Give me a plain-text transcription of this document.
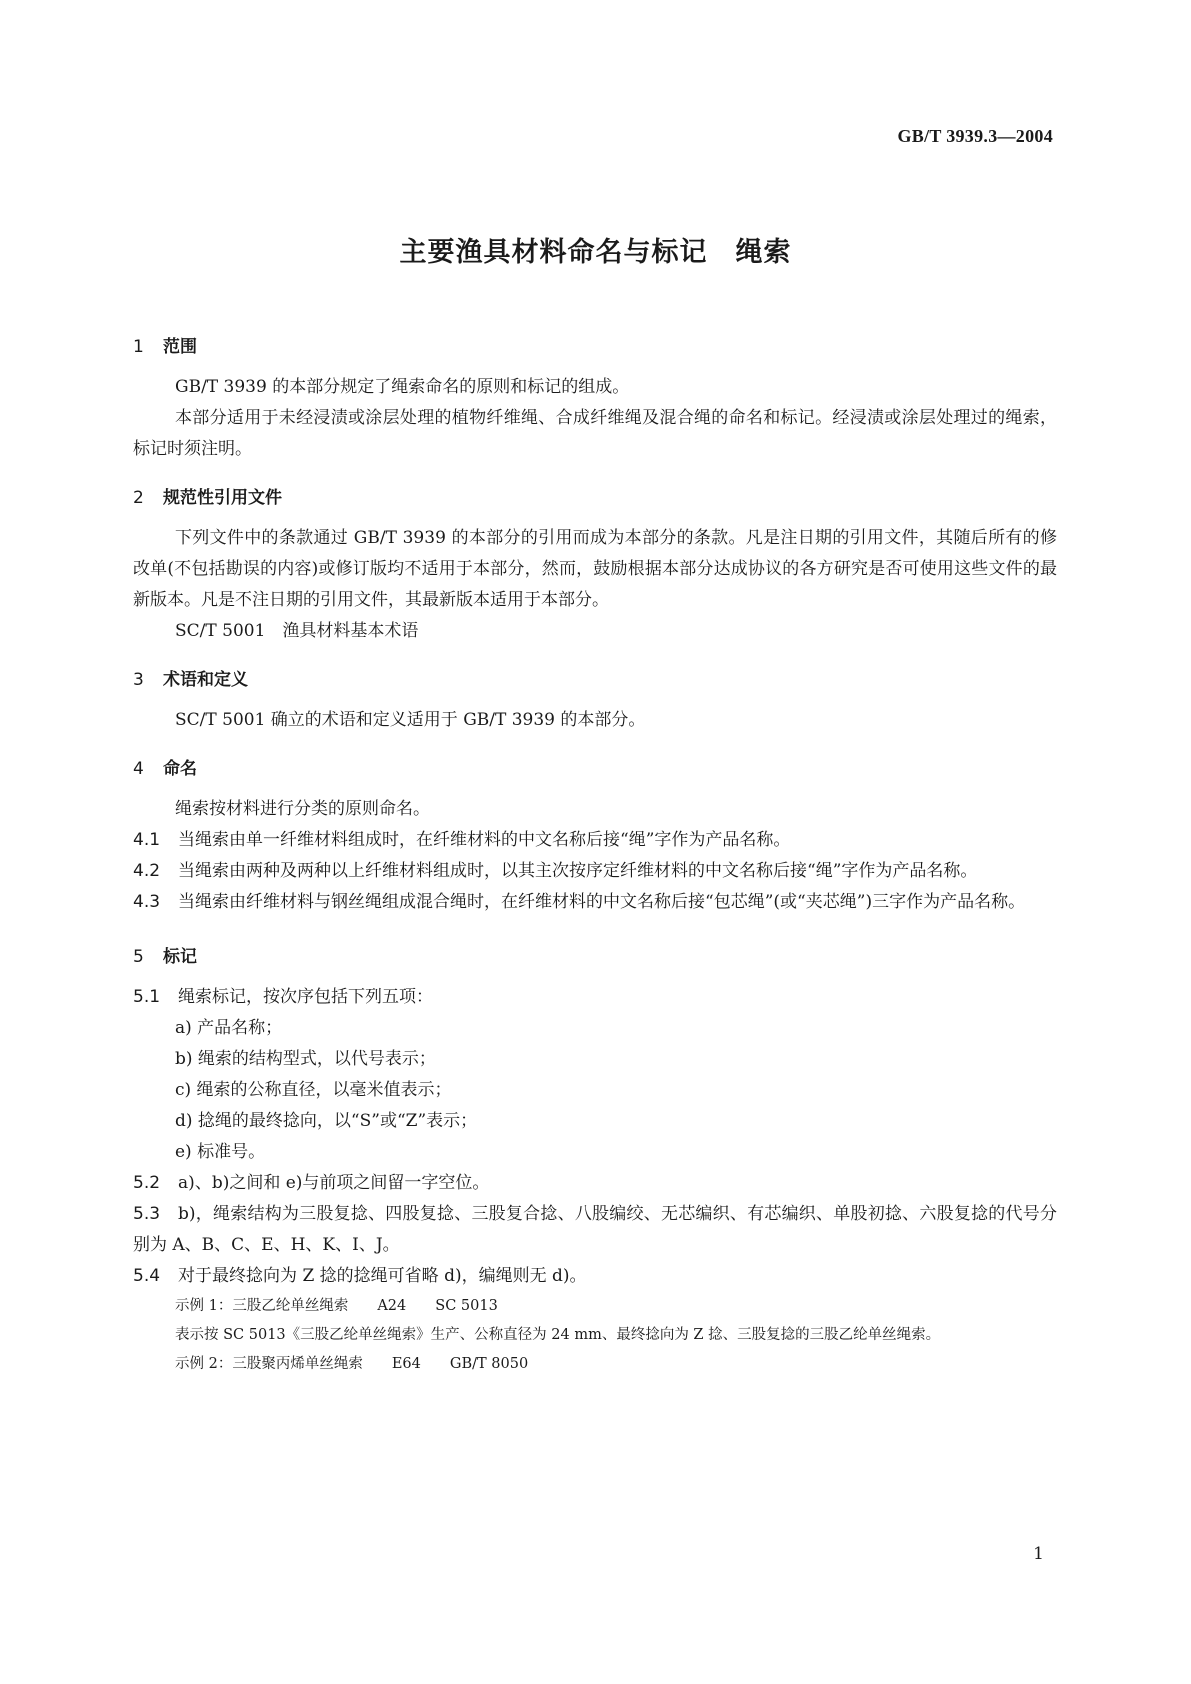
GB/T 3939.3—2004
主要渔具材料命名与标记　绳索
1 范围

GB/T 3939 的本部分规定了绳索命名的原则和标记的组成。

本部分适用于未经浸渍或涂层处理的植物纤维绳、合成纤维绳及混合绳的命名和标记。经浸渍或涂层处理过的绳索，标记时须注明。

2 规范性引用文件

下列文件中的条款通过 GB/T 3939 的本部分的引用而成为本部分的条款。凡是注日期的引用文件，其随后所有的修改单(不包括勘误的内容)或修订版均不适用于本部分，然而，鼓励根据本部分达成协议的各方研究是否可使用这些文件的最新版本。凡是不注日期的引用文件，其最新版本适用于本部分。

SC/T 5001　渔具材料基本术语

3 术语和定义

SC/T 5001 确立的术语和定义适用于 GB/T 3939 的本部分。

4 命名

绳索按材料进行分类的原则命名。

4.1 当绳索由单一纤维材料组成时，在纤维材料的中文名称后接“绳”字作为产品名称。

4.2 当绳索由两种及两种以上纤维材料组成时，以其主次按序定纤维材料的中文名称后接“绳”字作为产品名称。

4.3 当绳索由纤维材料与钢丝绳组成混合绳时，在纤维材料的中文名称后接“包芯绳”(或“夹芯绳”)三字作为产品名称。

5 标记

5.1 绳索标记，按次序包括下列五项：

a) 产品名称；

b) 绳索的结构型式，以代号表示；

c) 绳索的公称直径，以毫米值表示；

d) 捻绳的最终捻向，以“S”或“Z”表示；

e) 标准号。

5.2 a)、b)之间和 e)与前项之间留一字空位。

5.3 b)，绳索结构为三股复捻、四股复捻、三股复合捻、八股编绞、无芯编织、有芯编织、单股初捻、六股复捻的代号分别为 A、B、C、E、H、K、I、J。

5.4 对于最终捻向为 Z 捻的捻绳可省略 d)，编绳则无 d)。

示例 1：三股乙纶单丝绳索　　A24　　SC 5013

表示按 SC 5013《三股乙纶单丝绳索》生产、公称直径为 24 mm、最终捻向为 Z 捻、三股复捻的三股乙纶单丝绳索。

示例 2：三股聚丙烯单丝绳索　　E64　　GB/T 8050

1
